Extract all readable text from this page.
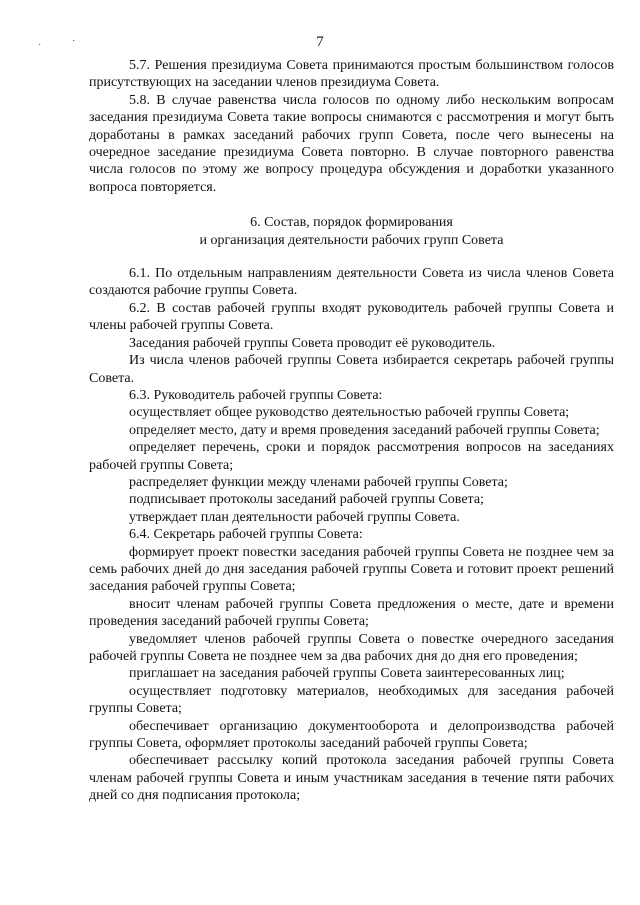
·	·	7

5.7. Решения президиума Совета принимаются простым большинством голосов присутствующих на заседании членов президиума Совета.

5.8. В случае равенства числа голосов по одному либо нескольким вопросам заседания президиума Совета такие вопросы снимаются с рассмотрения и могут быть доработаны в рамках заседаний рабочих групп Совета, после чего вынесены на очередное заседание президиума Совета повторно. В случае повторного равенства числа голосов по этому же вопросу процедура обсуждения и доработки указанного вопроса повторяется.

6. Состав, порядок формирования
и организация деятельности рабочих групп Совета

6.1. По отдельным направлениям деятельности Совета из числа членов Совета создаются рабочие группы Совета.

6.2. В состав рабочей группы входят руководитель рабочей группы Совета и члены рабочей группы Совета.

Заседания рабочей группы Совета проводит её руководитель.

Из числа членов рабочей группы Совета избирается секретарь рабочей группы Совета.

6.3. Руководитель рабочей группы Совета:

осуществляет общее руководство деятельностью рабочей группы Совета;

определяет место, дату и время проведения заседаний рабочей группы Совета;

определяет перечень, сроки и порядок рассмотрения вопросов на заседаниях рабочей группы Совета;

распределяет функции между членами рабочей группы Совета;

подписывает протоколы заседаний рабочей группы Совета;

утверждает план деятельности рабочей группы Совета.

6.4. Секретарь рабочей группы Совета:

формирует проект повестки заседания рабочей группы Совета не позднее чем за семь рабочих дней до дня заседания рабочей группы Совета и готовит проект решений заседания рабочей группы Совета;

вносит членам рабочей группы Совета предложения о месте, дате и времени проведения заседаний рабочей группы Совета;

уведомляет членов рабочей группы Совета о повестке очередного заседания рабочей группы Совета не позднее чем за два рабочих дня до дня его проведения;

приглашает на заседания рабочей группы Совета заинтересованных лиц;

осуществляет подготовку материалов, необходимых для заседания рабочей группы Совета;

обеспечивает организацию документооборота и делопроизводства рабочей группы Совета, оформляет протоколы заседаний рабочей группы Совета;

обеспечивает рассылку копий протокола заседания рабочей группы Совета членам рабочей группы Совета и иным участникам заседания в течение пяти рабочих дней со дня подписания протокола;
